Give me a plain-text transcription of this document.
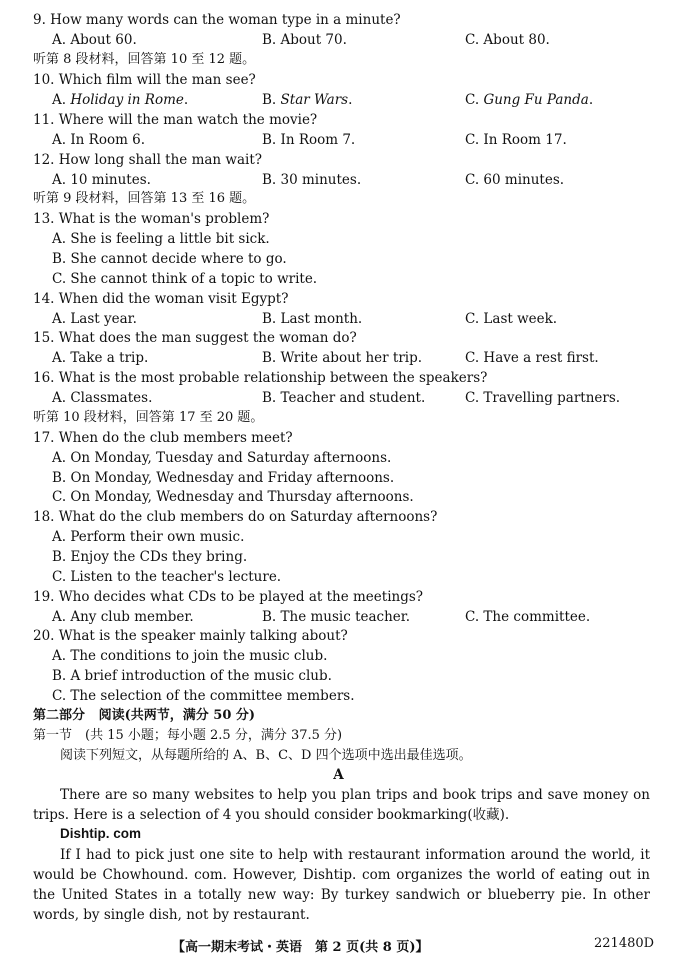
9. How many words can the woman type in a minute?
A. About 60.	B. About 70.	C. About 80.
听第 8 段材料，回答第 10 至 12 题。
10. Which film will the man see?
A. Holiday in Rome.	B. Star Wars.	C. Gung Fu Panda.
11. Where will the man watch the movie?
A. In Room 6.	B. In Room 7.	C. In Room 17.
12. How long shall the man wait?
A. 10 minutes.	B. 30 minutes.	C. 60 minutes.
听第 9 段材料，回答第 13 至 16 题。
13. What is the woman's problem?
A. She is feeling a little bit sick.
B. She cannot decide where to go.
C. She cannot think of a topic to write.
14. When did the woman visit Egypt?
A. Last year.	B. Last month.	C. Last week.
15. What does the man suggest the woman do?
A. Take a trip.	B. Write about her trip.	C. Have a rest first.
16. What is the most probable relationship between the speakers?
A. Classmates.	B. Teacher and student.	C. Travelling partners.
听第 10 段材料，回答第 17 至 20 题。
17. When do the club members meet?
A. On Monday, Tuesday and Saturday afternoons.
B. On Monday, Wednesday and Friday afternoons.
C. On Monday, Wednesday and Thursday afternoons.
18. What do the club members do on Saturday afternoons?
A. Perform their own music.
B. Enjoy the CDs they bring.
C. Listen to the teacher's lecture.
19. Who decides what CDs to be played at the meetings?
A. Any club member.	B. The music teacher.	C. The committee.
20. What is the speaker mainly talking about?
A. The conditions to join the music club.
B. A brief introduction of the music club.
C. The selection of the committee members.
第二部分 阅读(共两节，满分 50 分)
第一节　(共 15 小题；每小题 2.5 分，满分 37.5 分)
阅读下列短文，从每题所给的 A、B、C、D 四个选项中选出最佳选项。
A
There are so many websites to help you plan trips and book trips and save money on trips. Here is a selection of 4 you should consider bookmarking(收藏).
Dishtip. com
If I had to pick just one site to help with restaurant information around the world, it would be Chowhound. com. However, Dishtip. com organizes the world of eating out in the United States in a totally new way: By turkey sandwich or blueberry pie. In other words, by single dish, not by restaurant.
【高一期末考试・英语　第 2 页(共 8 页)】	221480D
